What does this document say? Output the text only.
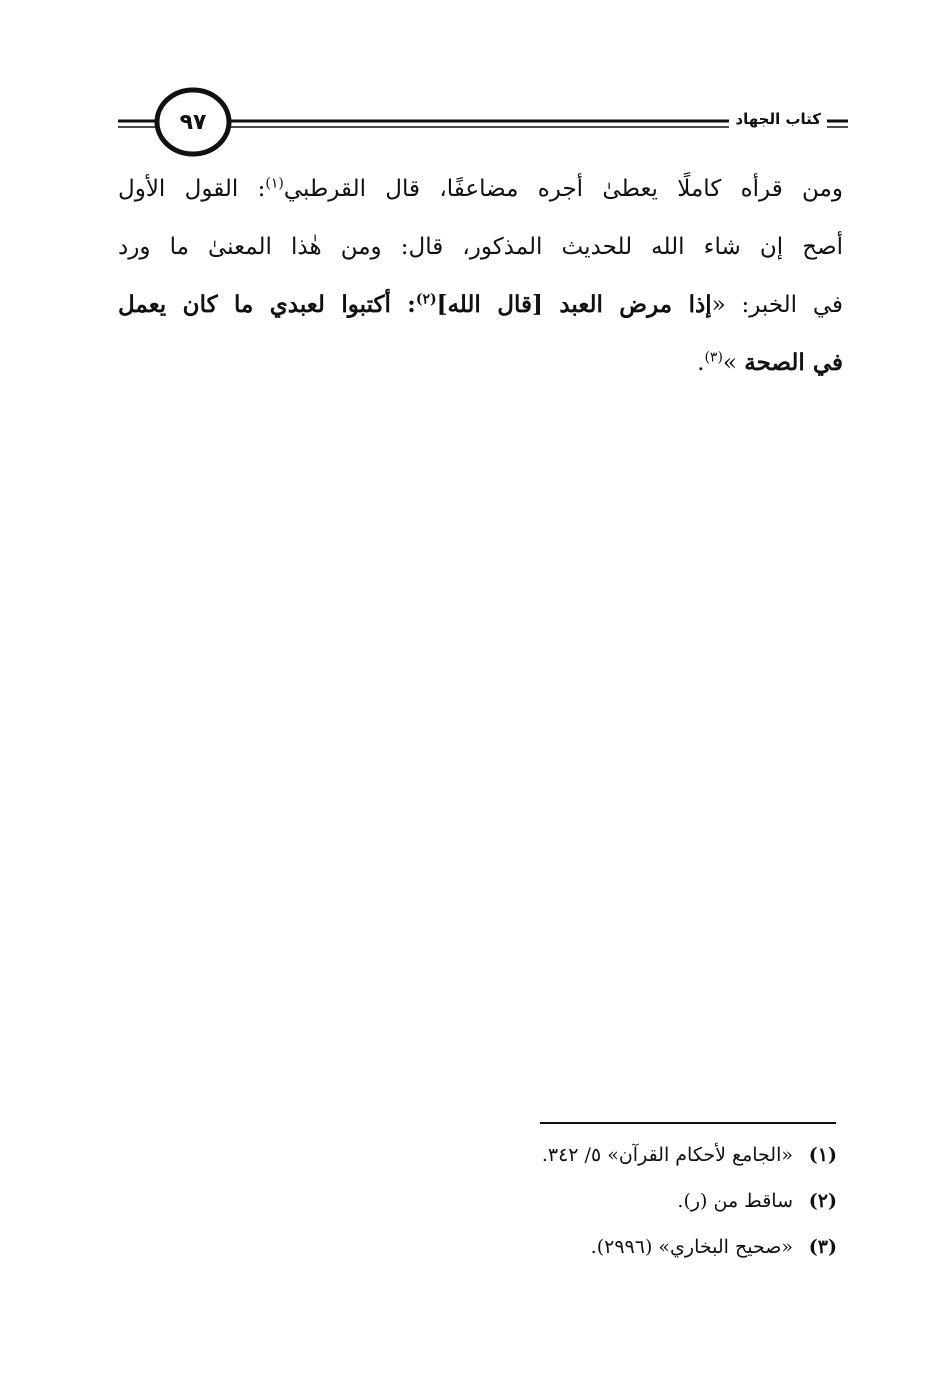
٩٧	كتاب الجهاد
ومن قرأه كاملًا يعطىٰ أجره مضاعفًا، قال القرطبي$^{(١)}$: القول الأول
أصح إن شاء الله للحديث المذكور، قال: ومن هٰذا المعنىٰ ما ورد
في الخبر: «إذا مرض العبد [قال الله]$^{(٢)}$: أكتبوا لعبدي ما كان يعمل
في الصحة »$^{(٣)}$.
(١)
«الجامع لأحكام القرآن» ٥/ ٣٤٢.
(٢)
ساقط من (ر).
(٣)
«صحيح البخاري» (٢٩٩٦).
